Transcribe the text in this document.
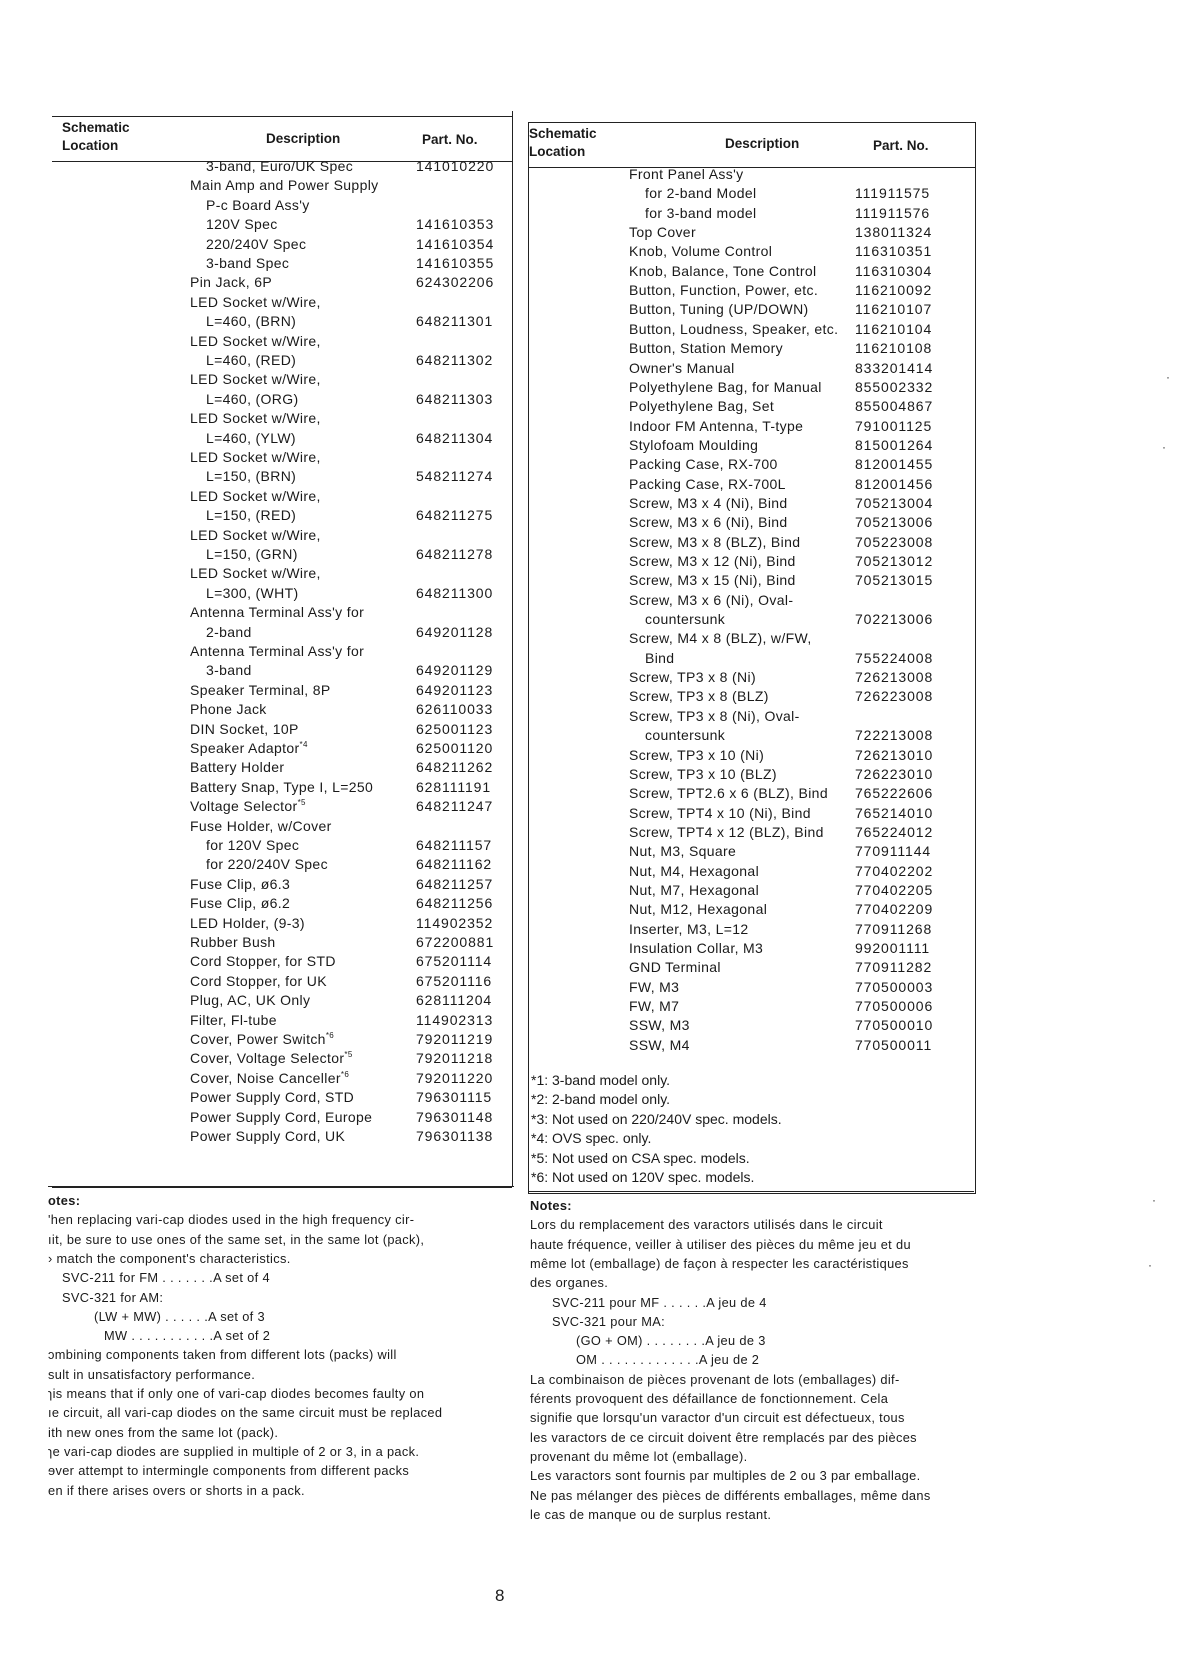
Schematic
Location	Description	Part. No.
3-band, Euro/UK Spec	141010220
Main Amp and Power Supply
P-c Board Ass'y
120V Spec	141610353
220/240V Spec	141610354
3-band Spec	141610355
Pin Jack, 6P	624302206
LED Socket w/Wire,
L=460, (BRN)	648211301
LED Socket w/Wire,
L=460, (RED)	648211302
LED Socket w/Wire,
L=460, (ORG)	648211303
LED Socket w/Wire,
L=460, (YLW)	648211304
LED Socket w/Wire,
L=150, (BRN)	548211274
LED Socket w/Wire,
L=150, (RED)	648211275
LED Socket w/Wire,
L=150, (GRN)	648211278
LED Socket w/Wire,
L=300, (WHT)	648211300
Antenna Terminal Ass'y for
2-band	649201128
Antenna Terminal Ass'y for
3-band	649201129
Speaker Terminal, 8P	649201123
Phone Jack	626110033
DIN Socket, 10P	625001123
Speaker Adaptor$^{*4}$	625001120
Battery Holder	648211262
Battery Snap, Type I, L=250	628111191
Voltage Selector$^{*5}$	648211247
Fuse Holder, w/Cover
for 120V Spec	648211157
for 220/240V Spec	648211162
Fuse Clip, ø6.3	648211257
Fuse Clip, ø6.2	648211256
LED Holder, (9-3)	114902352
Rubber Bush	672200881
Cord Stopper, for STD	675201114
Cord Stopper, for UK	675201116
Plug, AC, UK Only	628111204
Filter, Fl-tube	114902313
Cover, Power Switch$^{*6}$	792011219
Cover, Voltage Selector$^{*5}$	792011218
Cover, Noise Canceller$^{*6}$	792011220
Power Supply Cord, STD	796301115
Power Supply Cord, Europe	796301148
Power Supply Cord, UK	796301138
Schematic
Location
Description	Part. No.
Front Panel Ass'y
for 2-band Model	111911575
for 3-band model	111911576
Top Cover	138011324
Knob, Volume Control	116310351
Knob, Balance, Tone Control	116310304
Button, Function, Power, etc.	116210092
Button, Tuning (UP/DOWN)	116210107
Button, Loudness, Speaker, etc. 116210104
Button, Station Memory	116210108
Owner's Manual	833201414
Polyethylene Bag, for Manual 855002332
Polyethylene Bag, Set	855004867
Indoor FM Antenna, T-type	791001125
Stylofoam Moulding	815001264
Packing Case, RX-700	812001455
Packing Case, RX-700L	812001456
Screw, M3 x 4 (Ni), Bind	705213004
Screw, M3 x 6 (Ni), Bind	705213006
Screw, M3 x 8 (BLZ), Bind	705223008
Screw, M3 x 12 (Ni), Bind	705213012
Screw, M3 x 15 (Ni), Bind	705213015
Screw, M3 x 6 (Ni), Oval-
countersunk	702213006
Screw, M4 x 8 (BLZ), w/FW,
Bind	755224008
Screw, TP3 x 8 (Ni)	726213008
Screw, TP3 x 8 (BLZ)	726223008
Screw, TP3 x 8 (Ni), Oval-
countersunk	722213008
Screw, TP3 x 10 (Ni)	726213010
Screw, TP3 x 10 (BLZ)	726223010
Screw, TPT2.6 x 6 (BLZ), Bind 765222606
Screw, TPT4 x 10 (Ni), Bind	765214010
Screw, TPT4 x 12 (BLZ), Bind 765224012
Nut, M3, Square	770911144
Nut, M4, Hexagonal	770402202
Nut, M7, Hexagonal	770402205
Nut, M12, Hexagonal	770402209
Inserter, M3, L=12	770911268
Insulation Collar, M3	992001111
GND Terminal	770911282
FW, M3	770500003
FW, M7	770500006
SSW, M3	770500010
SSW, M4	770500011
*1: 3-band model only.
*2: 2-band model only.
*3: Not used on 220/240V spec. models.
*4: OVS spec. only.
*5: Not used on CSA spec. models.
*6: Not used on 120V spec. models.
otes:
'hen replacing vari-cap diodes used in the high frequency cir-
ıit, be sure to use ones of the same set, in the same lot (pack),
› match the component's characteristics.
SVC-211 for FM . . . . . . .A set of 4
SVC-321 for AM:
(LW + MW) . . . . . .A set of 3
MW . . . . . . . . . . .A set of 2
ɔmbining components taken from different lots (packs) will
sult in unsatisfactory performance.
ɿis means that if only one of vari-cap diodes becomes faulty on
ıe circuit, all vari-cap diodes on the same circuit must be replaced
ith new ones from the same lot (pack).
ɿe vari-cap diodes are supplied in multiple of 2 or 3, in a pack.
ɘver attempt to intermingle components from different packs
en if there arises overs or shorts in a pack.
Notes:
Lors du remplacement des varactors utilisés dans le circuit
haute fréquence, veiller à utiliser des pièces du même jeu et du
même lot (emballage) de façon à respecter les caractéristiques
des organes.
SVC-211 pour MF . . . . . .A jeu de 4
SVC-321 pour MA:
(GO + OM) . . . . . . . .A jeu de 3
OM . . . . . . . . . . . . .A jeu de 2
La combinaison de pièces provenant de lots (emballages) dif-
férents provoquent des défaillance de fonctionnement. Cela
signifie que lorsqu'un varactor d'un circuit est défectueux, tous
les varactors de ce circuit doivent être remplacés par des pièces
provenant du même lot (emballage).
Les varactors sont fournis par multiples de 2 ou 3 par emballage.
Ne pas mélanger des pièces de différents emballages, même dans
le cas de manque ou de surplus restant.
8
·
·
·
·
